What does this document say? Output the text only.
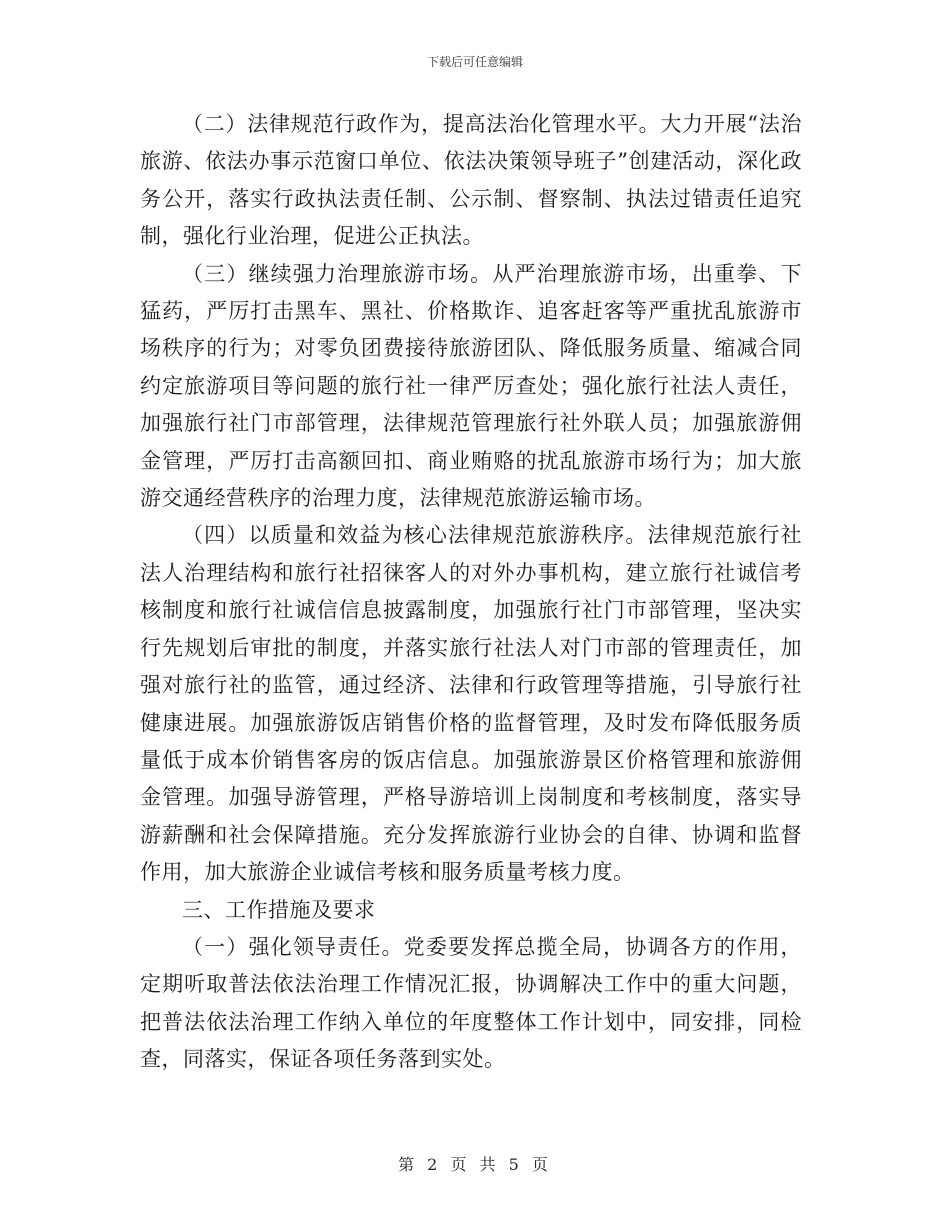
下载后可任意编辑

（二）法律规范行政作为，提高法治化管理水平。大力开展“法治旅游、依法办事示范窗口单位、依法决策领导班子”创建活动，深化政务公开，落实行政执法责任制、公示制、督察制、执法过错责任追究制，强化行业治理，促进公正执法。

（三）继续强力治理旅游市场。从严治理旅游市场，出重拳、下猛药，严厉打击黑车、黑社、价格欺诈、追客赶客等严重扰乱旅游市场秩序的行为；对零负团费接待旅游团队、降低服务质量、缩减合同约定旅游项目等问题的旅行社一律严厉查处；强化旅行社法人责任，加强旅行社门市部管理，法律规范管理旅行社外联人员；加强旅游佣金管理，严厉打击高额回扣、商业贿赂的扰乱旅游市场行为；加大旅游交通经营秩序的治理力度，法律规范旅游运输市场。

（四）以质量和效益为核心法律规范旅游秩序。法律规范旅行社法人治理结构和旅行社招徕客人的对外办事机构，建立旅行社诚信考核制度和旅行社诚信信息披露制度，加强旅行社门市部管理，坚决实行先规划后审批的制度，并落实旅行社法人对门市部的管理责任，加强对旅行社的监管，通过经济、法律和行政管理等措施，引导旅行社健康进展。加强旅游饭店销售价格的监督管理，及时发布降低服务质量低于成本价销售客房的饭店信息。加强旅游景区价格管理和旅游佣金管理。加强导游管理，严格导游培训上岗制度和考核制度，落实导游薪酬和社会保障措施。充分发挥旅游行业协会的自律、协调和监督作用，加大旅游企业诚信考核和服务质量考核力度。

三、工作措施及要求

（一）强化领导责任。党委要发挥总揽全局，协调各方的作用，定期听取普法依法治理工作情况汇报，协调解决工作中的重大问题，把普法依法治理工作纳入单位的年度整体工作计划中，同安排，同检查，同落实，保证各项任务落到实处。

第 2 页 共 5 页
